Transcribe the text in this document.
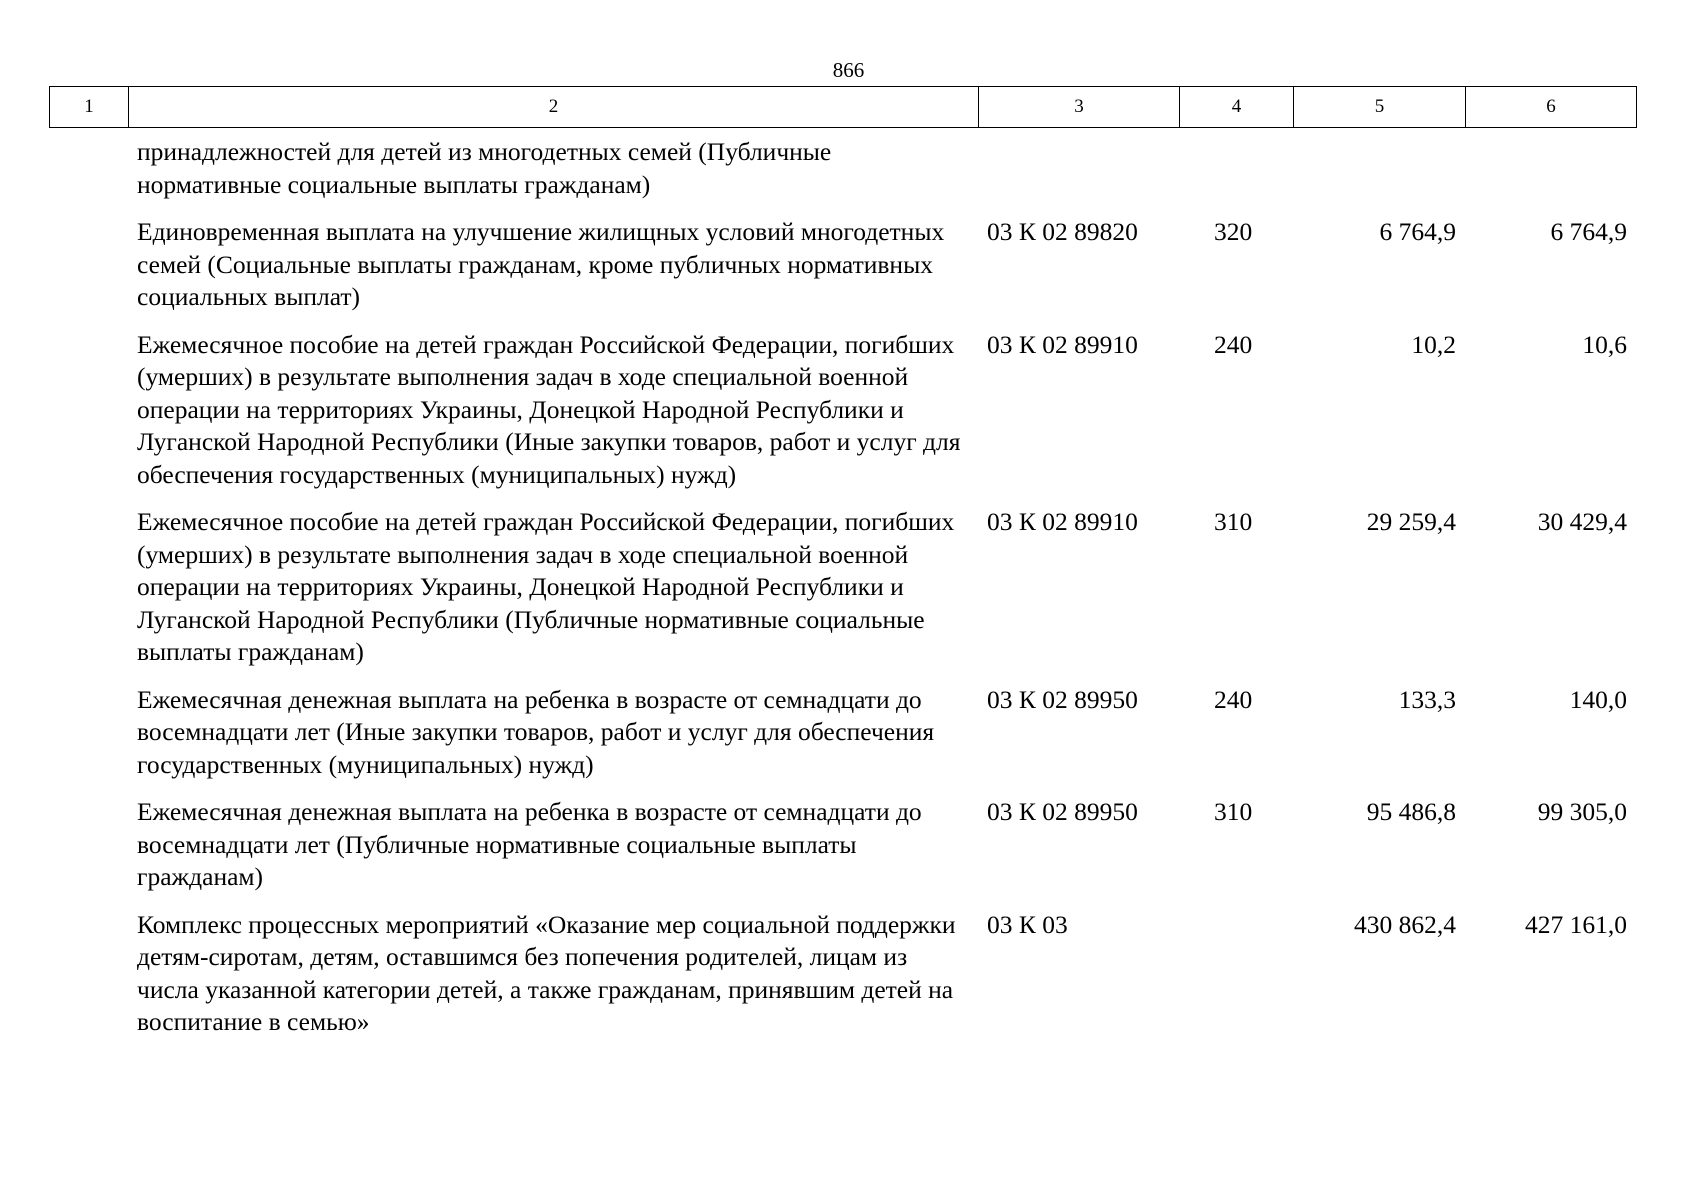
866
1	2	3	4	5	6
	принадлежностей для детей из многодетных семей (Публичные нормативные социальные выплаты гражданам)				
	Единовременная выплата на улучшение жилищных условий многодетных семей (Социальные выплаты гражданам, кроме публичных нормативных социальных выплат)	03 К 02 89820	320	6 764,9	6 764,9
	Ежемесячное пособие на детей граждан Российской Федерации, погибших (умерших) в результате выполнения задач в ходе специальной военной операции на территориях Украины, Донецкой Народной Республики и Луганской Народной Республики (Иные закупки товаров, работ и услуг для обеспечения государственных (муниципальных) нужд)	03 К 02 89910	240	10,2	10,6
	Ежемесячное пособие на детей граждан Российской Федерации, погибших (умерших) в результате выполнения задач в ходе специальной военной операции на территориях Украины, Донецкой Народной Республики и Луганской Народной Республики (Публичные нормативные социальные выплаты гражданам)	03 К 02 89910	310	29 259,4	30 429,4
	Ежемесячная денежная выплата на ребенка в возрасте от семнадцати до восемнадцати лет (Иные закупки товаров, работ и услуг для обеспечения государственных (муниципальных) нужд)	03 К 02 89950	240	133,3	140,0
	Ежемесячная денежная выплата на ребенка в возрасте от семнадцати до восемнадцати лет (Публичные нормативные социальные выплаты гражданам)	03 К 02 89950	310	95 486,8	99 305,0
	Комплекс процессных мероприятий «Оказание мер социальной поддержки детям-сиротам, детям, оставшимся без попечения родителей, лицам из числа указанной категории детей, а также гражданам, принявшим детей на воспитание в семью»	03 К 03		430 862,4	427 161,0
